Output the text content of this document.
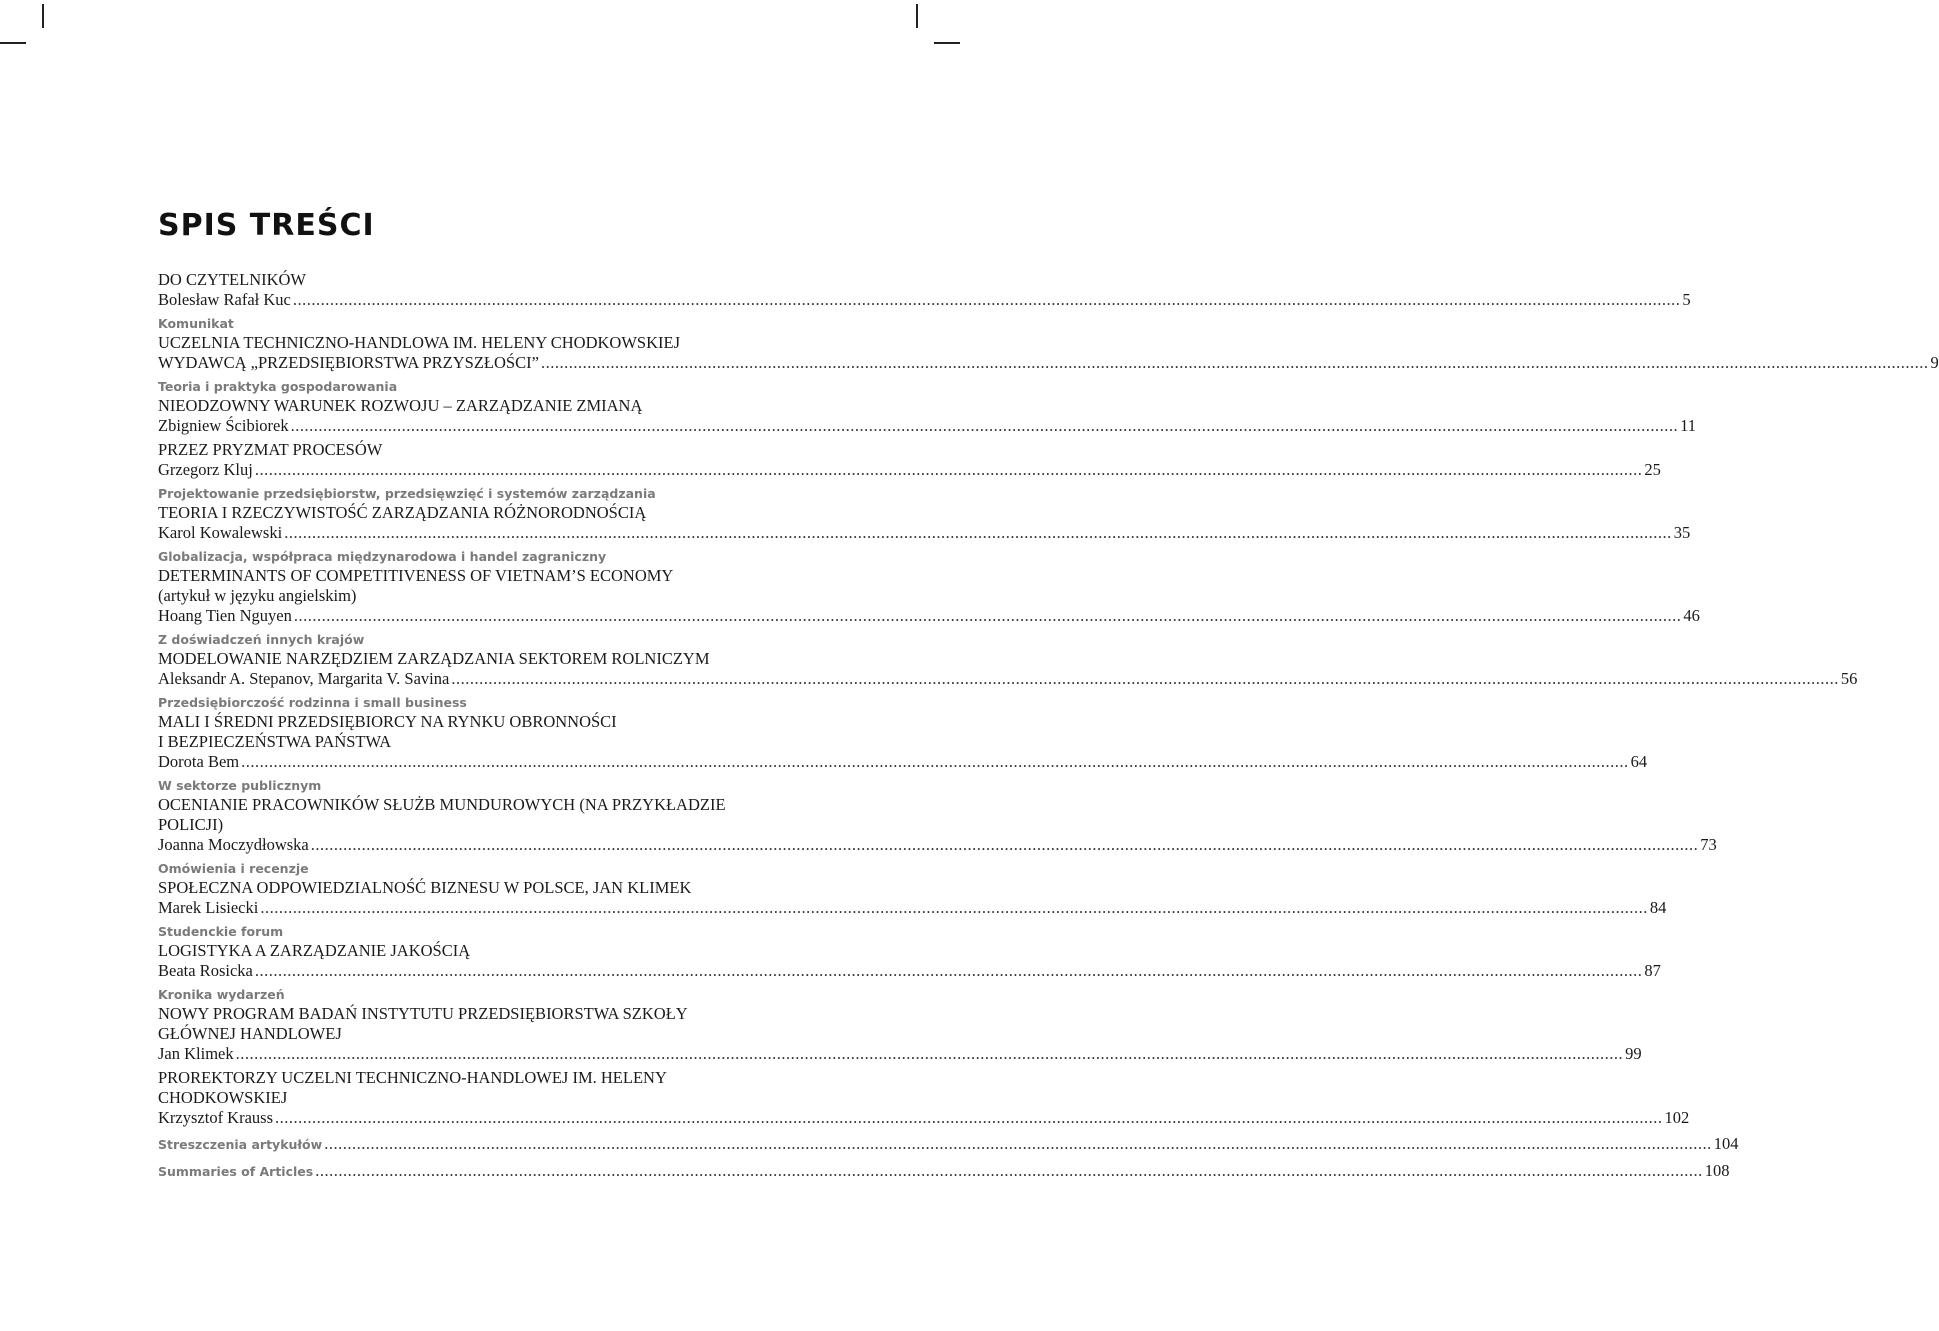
SPIS TREŚCI
DO CZYTELNIKÓW
Bolesław Rafał Kuc ............................................................................................................................................................................................................................................................................................................ 5
Komunikat
UCZELNIA TECHNICZNO-HANDLOWA IM. HELENY CHODKOWSKIEJ
WYDAWCĄ „PRZEDSIĘBIORSTWA PRZYSZŁOŚCI” ............................................................................................................................................................................................................................................................................................................ 9
Teoria i praktyka gospodarowania
NIEODZOWNY WARUNEK ROZWOJU – ZARZĄDZANIE ZMIANĄ
Zbigniew Ścibiorek ............................................................................................................................................................................................................................................................................................................ 11
PRZEZ PRYZMAT PROCESÓW
Grzegorz Kluj ............................................................................................................................................................................................................................................................................................................ 25
Projektowanie przedsiębiorstw, przedsięwzięć i systemów zarządzania
TEORIA I RZECZYWISTOŚĆ ZARZĄDZANIA RÓŻNORODNOŚCIĄ
Karol Kowalewski ............................................................................................................................................................................................................................................................................................................ 35
Globalizacja, współpraca międzynarodowa i handel zagraniczny
DETERMINANTS OF COMPETITIVENESS OF VIETNAM’S ECONOMY
(artykuł w języku angielskim)
Hoang Tien Nguyen ............................................................................................................................................................................................................................................................................................................ 46
Z doświadczeń innych krajów
MODELOWANIE NARZĘDZIEM ZARZĄDZANIA SEKTOREM ROLNICZYM
Aleksandr A. Stepanov, Margarita V. Savina ............................................................................................................................................................................................................................................................................................................ 56
Przedsiębiorczość rodzinna i small business
MALI I ŚREDNI PRZEDSIĘBIORCY NA RYNKU OBRONNOŚCI
I BEZPIECZEŃSTWA PAŃSTWA
Dorota Bem ............................................................................................................................................................................................................................................................................................................ 64
W sektorze publicznym
OCENIANIE PRACOWNIKÓW SŁUŻB MUNDUROWYCH (NA PRZYKŁADZIE
POLICJI)
Joanna Moczydłowska ............................................................................................................................................................................................................................................................................................................ 73
Omówienia i recenzje
SPOŁECZNA ODPOWIEDZIALNOŚĆ BIZNESU W POLSCE, JAN KLIMEK
Marek Lisiecki ............................................................................................................................................................................................................................................................................................................ 84
Studenckie forum
LOGISTYKA A ZARZĄDZANIE JAKOŚCIĄ
Beata Rosicka ............................................................................................................................................................................................................................................................................................................ 87
Kronika wydarzeń
NOWY PROGRAM BADAŃ INSTYTUTU PRZEDSIĘBIORSTWA SZKOŁY
GŁÓWNEJ HANDLOWEJ
Jan Klimek ............................................................................................................................................................................................................................................................................................................ 99
PROREKTORZY UCZELNI TECHNICZNO-HANDLOWEJ IM. HELENY
CHODKOWSKIEJ
Krzysztof Krauss ............................................................................................................................................................................................................................................................................................................ 102
Streszczenia artykułów ............................................................................................................................................................................................................................................................................................................ 104
Summaries of Articles ............................................................................................................................................................................................................................................................................................................ 108
